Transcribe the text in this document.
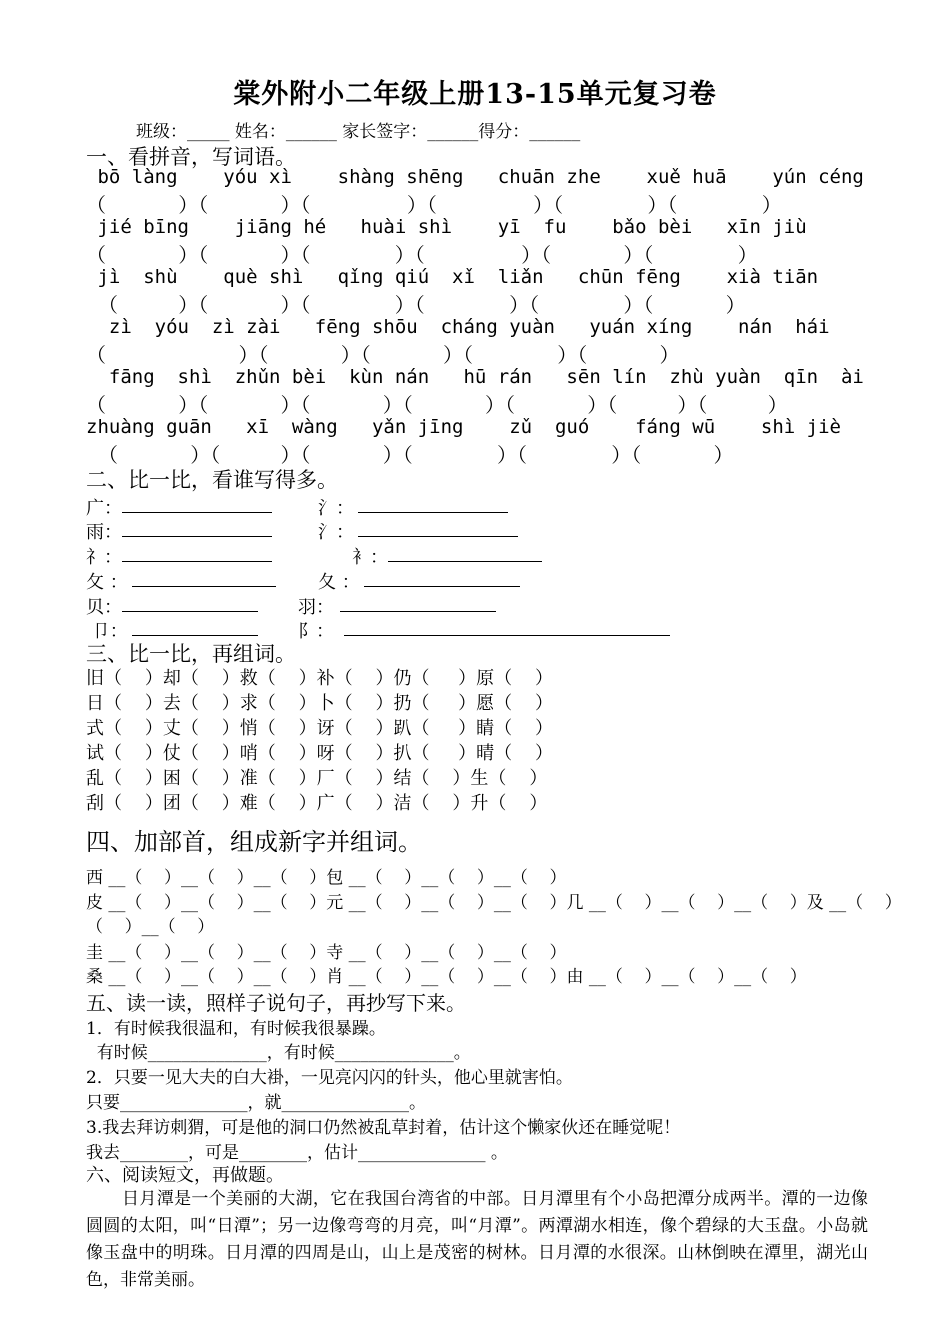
棠外附小二年级上册13-15单元复习卷
班级：_____ 姓名：______ 家长签字：______得分：______
一、看拼音，写词语。
bō làng    yóu xì    shàng shēng   chuān zhe    xuě huā    yún céng
（      ）（      ）（        ）（        ）（       ）（       ）
jié bīng    jiāng hé   huài shì    yī  fu    bǎo bèi   xīn jiù
（      ）（      ）（       ）（        ）（      ）（       ）
jì  shù    què shì   qǐng qiú  xǐ  liǎn   chūn fēng    xià tiān
（     ）（      ）（       ）（       ）（       ）（      ）
zì  yóu  zì zài   fēng shōu  cháng yuàn   yuán xíng    nán  hái
（           ）（      ）（      ）（       ）（      ）
fāng  shì  zhǔn bèi  kùn nán   hū rán   sēn lín  zhù yuàn  qīn  ài
（      ）（      ）（      ）（      ）（      ）（     ）（     ）
zhuàng guān   xī  wàng   yǎn jīng    zǔ  guó    fáng wū    shì jiè
（      ）（     ）（      ）（       ）（       ）（      ）
二、比一比，看谁写得多。
广：	氵：
雨：	氵：
礻：	衤：
攵 ：	夂 ：
贝：	羽：
卩：	阝：
三、比一比，再组词。
旧（    ）却（    ）救（    ）补（    ）仍（     ）原（    ）
日（    ）去（    ）求（    ）卜（    ）扔（     ）愿（    ）
式（    ）丈（    ）悄（    ）讶（    ）趴（     ）睛（    ）
试（    ）仗（    ）哨（    ）呀（    ）扒（     ）晴（    ）
乱（    ）困（    ）准（    ）厂（    ）结（    ）生（    ）
刮（    ）团（    ）难（    ）广（    ）洁（    ）升（    ）
四、加部首，组成新字并组词。
西 __（    ）__（    ）__（    ）包 __（    ）__（    ）__（    ）
皮 __（    ）__（    ）__（    ）元 __（    ）__（    ）__（    ）几 __（    ）__（    ）__（    ）及 __（    ）
（    ）__（    ）
圭 __（    ）__（    ）__（    ）寺 __（    ）__（    ）__（    ）
桑 __（    ）__（    ）__（    ）肖 __（    ）__（    ）__（    ）由 __（    ）__（    ）__（    ）
五、读一读，照样子说句子，再抄写下来。
1．有时候我很温和，有时候我很暴躁。
有时候______________，有时候______________。
2．只要一见大夫的白大褂，一见亮闪闪的针头，他心里就害怕。
只要_______________，就_______________。
3.我去拜访刺猬，可是他的洞口仍然被乱草封着，估计这个懒家伙还在睡觉呢！
我去________，可是________，估计_______________ 。
六、阅读短文，再做题。
日月潭是一个美丽的大湖，它在我国台湾省的中部。日月潭里有个小岛把潭分成两半。潭的一边像圆圆的太阳，叫“日潭”；另一边像弯弯的月亮，叫“月潭”。两潭湖水相连，像个碧绿的大玉盘。小岛就像玉盘中的明珠。日月潭的四周是山，山上是茂密的树林。日月潭的水很深。山林倒映在潭里，湖光山色，非常美丽。
